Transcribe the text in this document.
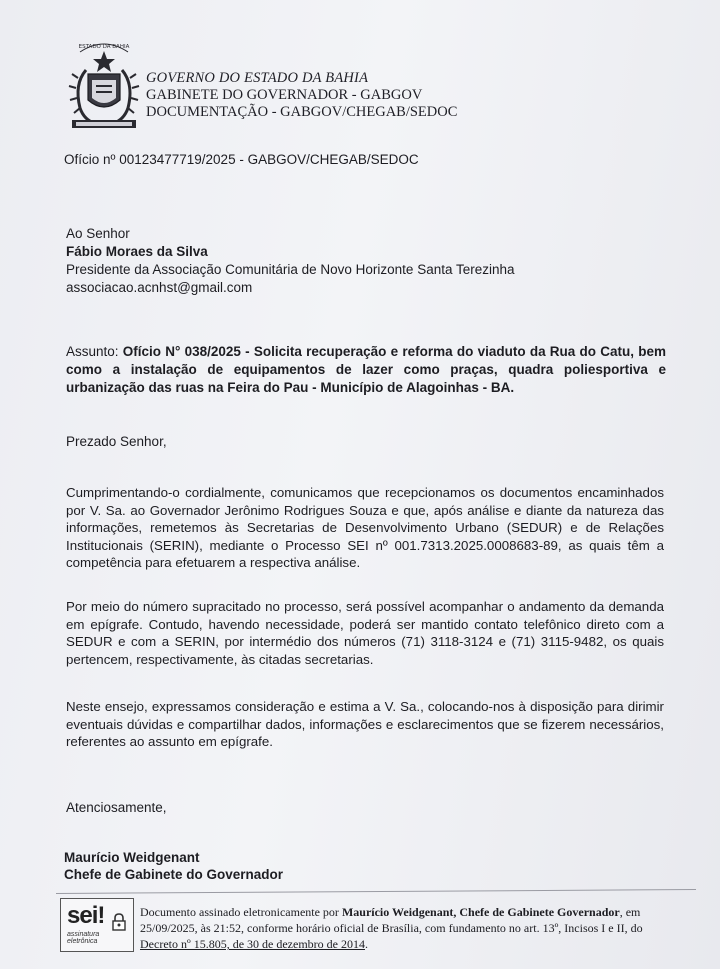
ESTADO DA BAHIA
GOVERNO DO ESTADO DA BAHIA
GABINETE DO GOVERNADOR - GABGOV
DOCUMENTAÇÃO - GABGOV/CHEGAB/SEDOC
Ofício nº 00123477719/2025 - GABGOV/CHEGAB/SEDOC
Ao Senhor
Fábio Moraes da Silva
Presidente da Associação Comunitária de Novo Horizonte Santa Terezinha
associacao.acnhst@gmail.com
Assunto: Ofício N° 038/2025 - Solicita recuperação e reforma do viaduto da Rua do Catu, bem como a instalação de equipamentos de lazer como praças, quadra poliesportiva e urbanização das ruas na Feira do Pau - Município de Alagoinhas - BA.
Prezado Senhor,
Cumprimentando-o cordialmente, comunicamos que recepcionamos os documentos encaminhados por V. Sa. ao Governador Jerônimo Rodrigues Souza e que, após análise e diante da natureza das informações, remetemos às Secretarias de Desenvolvimento Urbano (SEDUR) e de Relações Institucionais (SERIN), mediante o Processo SEI nº 001.7313.2025.0008683-89, as quais têm a competência para efetuarem a respectiva análise.
Por meio do número supracitado no processo, será possível acompanhar o andamento da demanda em epígrafe. Contudo, havendo necessidade, poderá ser mantido contato telefônico direto com a SEDUR e com a SERIN, por intermédio dos números (71) 3118-3124 e (71) 3115-9482, os quais pertencem, respectivamente, às citadas secretarias.
Neste ensejo, expressamos consideração e estima a V. Sa., colocando-nos à disposição para dirimir eventuais dúvidas e compartilhar dados, informações e esclarecimentos que se fizerem necessários, referentes ao assunto em epígrafe.
Atenciosamente,
Maurício Weidgenant
Chefe de Gabinete do Governador
sei!
assinatura
eletrônica
Documento assinado eletronicamente por Maurício Weidgenant, Chefe de Gabinete Governador, em 25/09/2025, às 21:52, conforme horário oficial de Brasília, com fundamento no art. 13º, Incisos I e II, do Decreto nº 15.805, de 30 de dezembro de 2014.
